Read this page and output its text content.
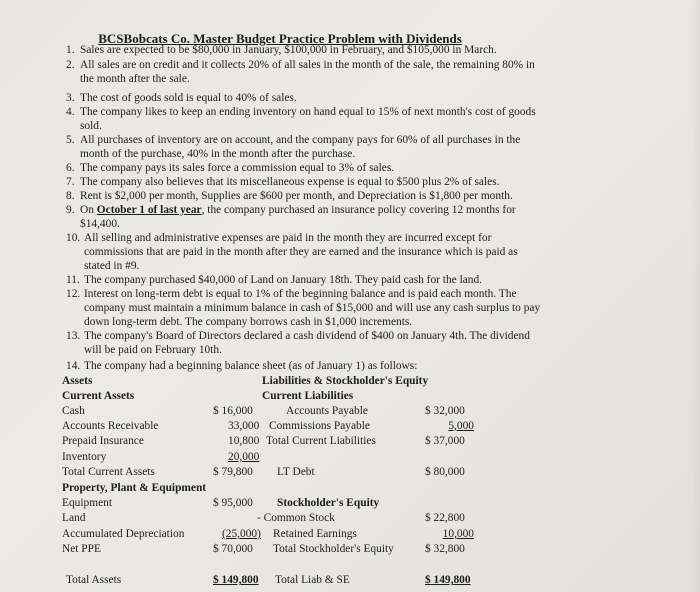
BCSBobcats Co. Master Budget Practice Problem with Dividends
1. Sales are expected to be $80,000 in January, $100,000 in February, and $105,000 in March.
2. All sales are on credit and it collects 20% of all sales in the month of the sale, the remaining 80% in the month after the sale.
3. The cost of goods sold is equal to 40% of sales.
4. The company likes to keep an ending inventory on hand equal to 15% of next month's cost of goods sold.
5. All purchases of inventory are on account, and the company pays for 60% of all purchases in the month of the purchase, 40% in the month after the purchase.
6. The company pays its sales force a commission equal to 3% of sales.
7. The company also believes that its miscellaneous expense is equal to $500 plus 2% of sales.
8. Rent is $2,000 per month, Supplies are $600 per month, and Depreciation is $1,800 per month.
9. On October 1 of last year, the company purchased an insurance policy covering 12 months for $14,400.
10. All selling and administrative expenses are paid in the month they are incurred except for commissions that are paid in the month after they are earned and the insurance which is paid as stated in #9.
11. The company purchased $40,000 of Land on January 18th. They paid cash for the land.
12. Interest on long-term debt is equal to 1% of the beginning balance and is paid each month. The company must maintain a minimum balance in cash of $15,000 and will use any cash surplus to pay down long-term debt. The company borrows cash in $1,000 increments.
13. The company's Board of Directors declared a cash dividend of $400 on January 4th. The dividend will be paid on February 10th.
14. The company had a beginning balance sheet (as of January 1) as follows:
Assets	Liabilities & Stockholder's Equity
Current Assets	Current Liabilities
Cash	$ 16,000	Accounts Payable	$ 32,000
Accounts Receivable	33,000 Commissions Payable	5,000
Prepaid Insurance	10,800 Total Current Liabilities	$ 37,000
Inventory	20,000
Total Current Assets	$ 79,800 LT Debt	$ 80,000
Property, Plant & Equipment
Equipment	$ 95,000 Stockholder's Equity
Land	- Common Stock	$ 22,800
Accumulated Depreciation	(25,000) Retained Earnings	10,000
Net PPE	$ 70,000 Total Stockholder's Equity	$ 32,800
Total Assets	$ 149,800 Total Liab & SE	$ 149,800
